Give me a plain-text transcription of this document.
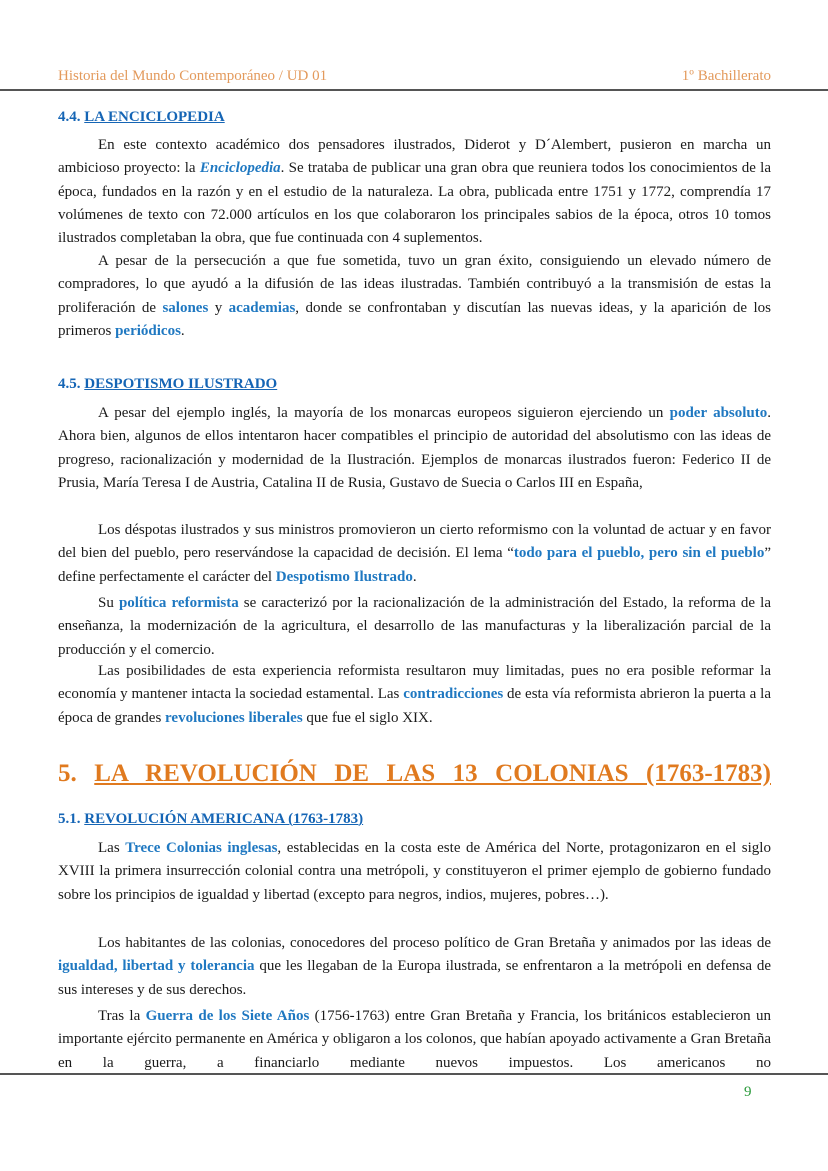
Historia del Mundo Contemporáneo / UD 01	1º Bachillerato
4.4. LA ENCICLOPEDIA
En este contexto académico dos pensadores ilustrados, Diderot y D´Alembert, pusieron en marcha un ambicioso proyecto: la Enciclopedia. Se trataba de publicar una gran obra que reuniera todos los conocimientos de la época, fundados en la razón y en el estudio de la naturaleza. La obra, publicada entre 1751 y 1772, comprendía 17 volúmenes de texto con 72.000 artículos en los que colaboraron los principales sabios de la época, otros 10 tomos ilustrados completaban la obra, que fue continuada con 4 suplementos.
A pesar de la persecución a que fue sometida, tuvo un gran éxito, consiguiendo un elevado número de compradores, lo que ayudó a la difusión de las ideas ilustradas. También contribuyó a la transmisión de estas la proliferación de salones y academias, donde se confrontaban y discutían las nuevas ideas, y la aparición de los primeros periódicos.
4.5. DESPOTISMO ILUSTRADO
A pesar del ejemplo inglés, la mayoría de los monarcas europeos siguieron ejerciendo un poder absoluto. Ahora bien, algunos de ellos intentaron hacer compatibles el principio de autoridad del absolutismo con las ideas de progreso, racionalización y modernidad de la Ilustración. Ejemplos de monarcas ilustrados fueron: Federico II de Prusia, María Teresa I de Austria, Catalina II de Rusia, Gustavo de Suecia o Carlos III en España,
Los déspotas ilustrados y sus ministros promovieron un cierto reformismo con la voluntad de actuar y en favor del bien del pueblo, pero reservándose la capacidad de decisión. El lema “todo para el pueblo, pero sin el pueblo” define perfectamente el carácter del Despotismo Ilustrado.
Su política reformista se caracterizó por la racionalización de la administración del Estado, la reforma de la enseñanza, la modernización de la agricultura, el desarrollo de las manufacturas y la liberalización parcial de la producción y el comercio.
Las posibilidades de esta experiencia reformista resultaron muy limitadas, pues no era posible reformar la economía y mantener intacta la sociedad estamental. Las contradicciones de esta vía reformista abrieron la puerta a la época de grandes revoluciones liberales que fue el siglo XIX.
5. LA REVOLUCIÓN DE LAS 13 COLONIAS (1763-1783)
5.1. REVOLUCIÓN AMERICANA (1763-1783)
Las Trece Colonias inglesas, establecidas en la costa este de América del Norte, protagonizaron en el siglo XVIII la primera insurrección colonial contra una metrópoli, y constituyeron el primer ejemplo de gobierno fundado sobre los principios de igualdad y libertad (excepto para negros, indios, mujeres, pobres…).
Los habitantes de las colonias, conocedores del proceso político de Gran Bretaña y animados por las ideas de igualdad, libertad y tolerancia que les llegaban de la Europa ilustrada, se enfrentaron a la metrópoli en defensa de sus intereses y de sus derechos.
Tras la Guerra de los Siete Años (1756-1763) entre Gran Bretaña y Francia, los británicos establecieron un importante ejército permanente en América y obligaron a los colonos, que habían apoyado activamente a Gran Bretaña en la guerra, a financiarlo mediante nuevos impuestos. Los americanos no
9
